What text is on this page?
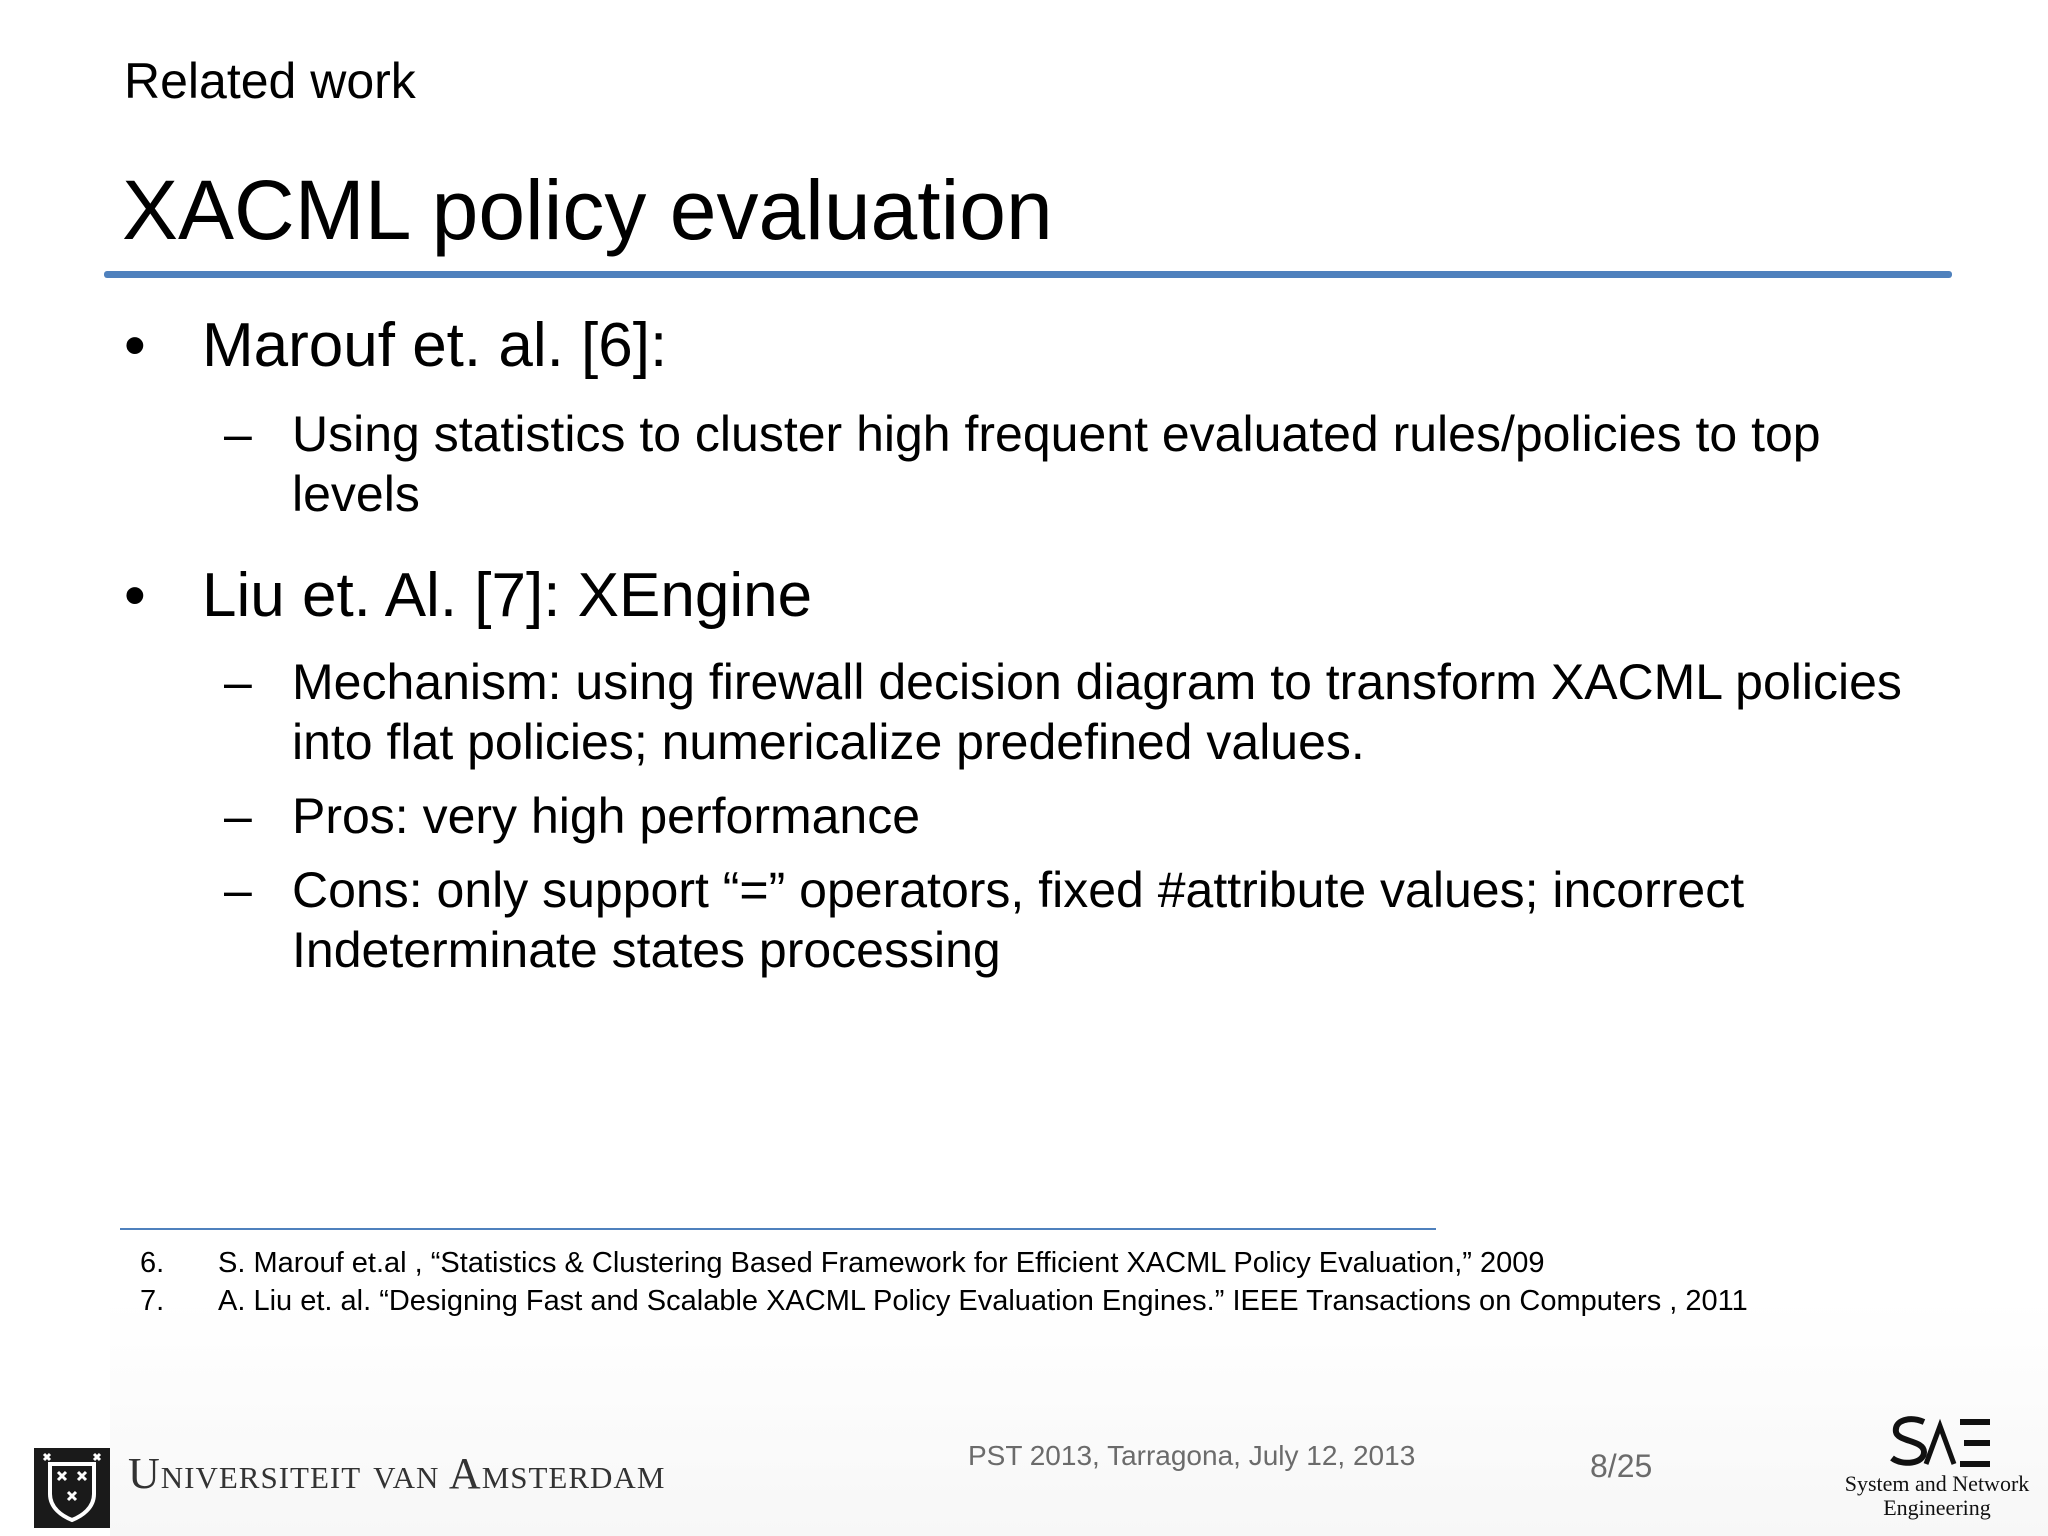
Related work
XACML policy evaluation
• Marouf et. al. [6]:
– Using statistics to cluster high frequent evaluated rules/policies to top levels
• Liu et. Al. [7]: XEngine
– Mechanism: using firewall decision diagram to transform XACML policies into flat policies; numericalize predefined values.
– Pros: very high performance
– Cons: only support “=” operators, fixed #attribute values; incorrect Indeterminate states processing
6. S. Marouf et.al , “Statistics & Clustering Based Framework for Efficient XACML Policy Evaluation,” 2009
7. A. Liu et. al. “Designing Fast and Scalable XACML Policy Evaluation Engines.” IEEE Transactions on Computers , 2011
Universiteit van Amsterdam	PST 2013, Tarragona, July 12, 2013	8/25	System and Network
Engineering
